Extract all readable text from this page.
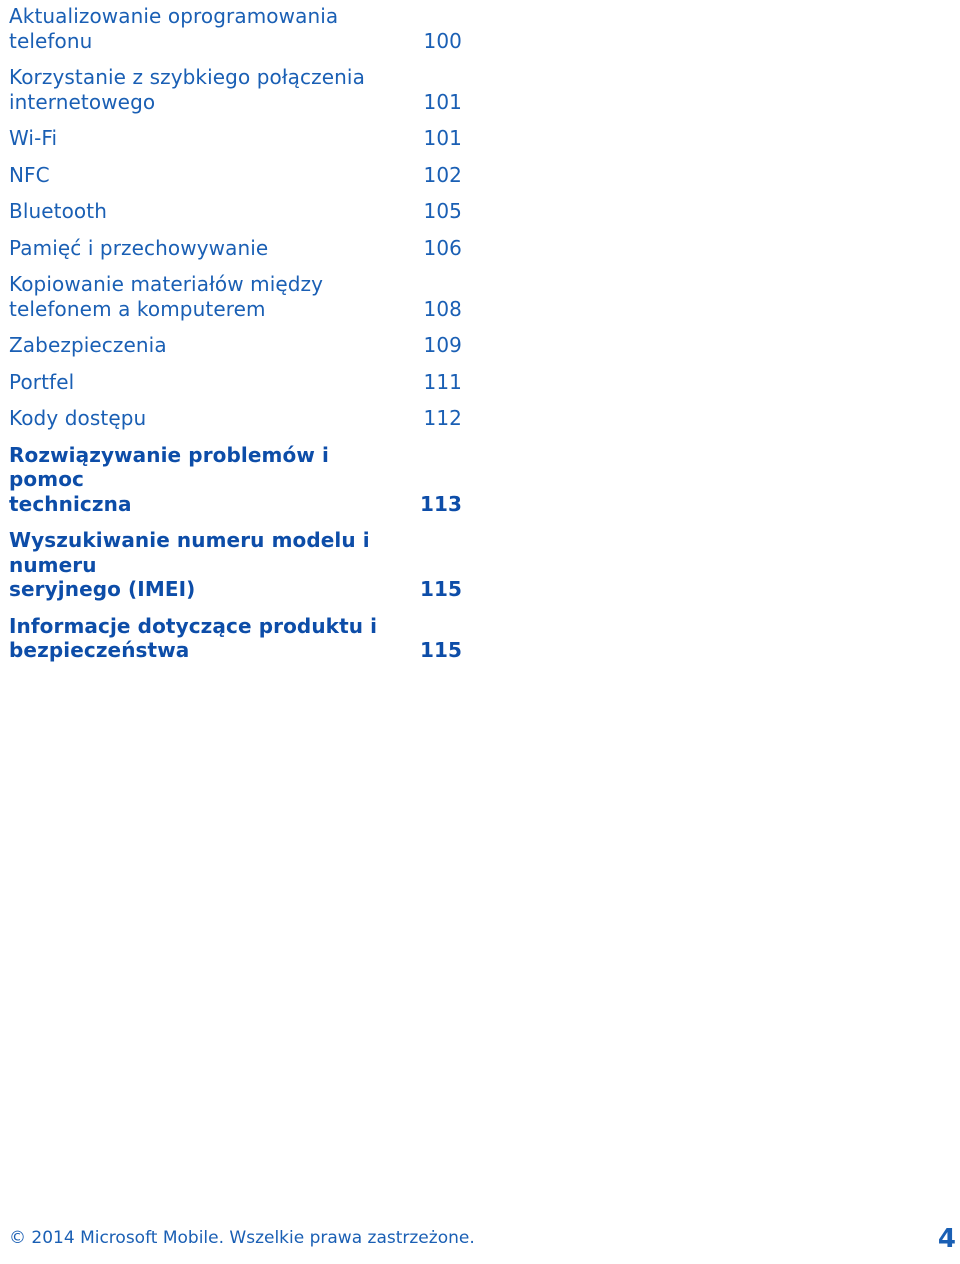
Aktualizowanie oprogramowania
telefonu	100
Korzystanie z szybkiego połączenia
internetowego	101
Wi-Fi	101
NFC	102
Bluetooth	105
Pamięć i przechowywanie	106
Kopiowanie materiałów między
telefonem a komputerem	108
Zabezpieczenia	109
Portfel	111
Kody dostępu	112
Rozwiązywanie problemów i pomoc
techniczna	113
Wyszukiwanie numeru modelu i numeru
seryjnego (IMEI)	115
Informacje dotyczące produktu i
bezpieczeństwa	115
© 2014 Microsoft Mobile. Wszelkie prawa zastrzeżone.	4
